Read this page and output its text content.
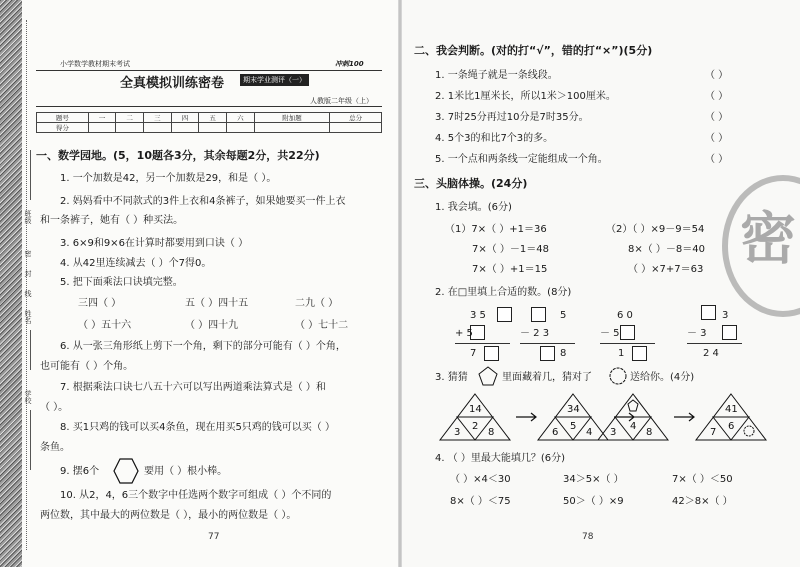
班级
密
封
线
姓名
学校
小学数学教材期末考试	冲刺100
全真模拟训练密卷	期末学业测评（一）
人教版二年级（上）
题号	一	二	三	四	五	六	附加题	总分
得分								
一、数学园地。(5，10题各3分，其余每题2分，共22分)
1. 一个加数是42，另一个加数是29，和是（ ）。
2. 妈妈看中不同款式的3件上衣和4条裤子，如果她要买一件上衣
和一条裤子，她有（ ）种买法。
3. 6×9和9×6在计算时都要用到口诀（ ）
4. 从42里连续减去（ ）个7得0。
5. 把下面乘法口诀填完整。
三四（ ）	五（ ）四十五	二九（ ）
（ ）五十六	（ ）四十九	（ ）七十二
6. 从一张三角形纸上剪下一个角，剩下的部分可能有（ ）个角，
也可能有（ ）个角。
7. 根据乘法口诀七八五十六可以写出两道乘法算式是（ ）和
（ ）。
8. 买1只鸡的钱可以买4条鱼，现在用买5只鸡的钱可以买（ ）
条鱼。
9. 摆6个	要用（ ）根小棒。
10. 从2，4，6三个数字中任选两个数字可组成（ ）个不同的
两位数，其中最大的两位数是（ ），最小的两位数是（ ）。
77
二、我会判断。(对的打“√”，错的打“×”)(5分)
1. 一条绳子就是一条线段。	（ ）
2. 1米比1厘米长，所以1米＞100厘米。	（ ）
3. 7时25分再过10分是7时35分。	（ ）
4. 5个3的和比7个3的多。	（ ）
5. 一个点和两条线一定能组成一个角。	（ ）
三、头脑体操。(24分)
1. 我会填。(6分)
（1）7×（ ）+1＝36	（2）（ ）×9－9＝54
7×（ ）－1＝48	8×（ ）－8＝40
7×（ ）+1＝15	（ ）×7+7＝63 密
2. 在□里填上合适的数。(8分)
3 5
+ 5
7
5
－ 2 3
8
6 0
－ 5
1
3
－ 3
2 4
3. 猜猜	里面藏着几，猜对了	送给你。(4分)
14
3
2
8
34
6
5
4 3
4
8
41
7
6
4. （ ）里最大能填几？(6分)
（ ）×4＜30	34＞5×（ ）	7×（ ）＜50
8×（ ）＜75	50＞（ ）×9	42＞8×（ ）
78
